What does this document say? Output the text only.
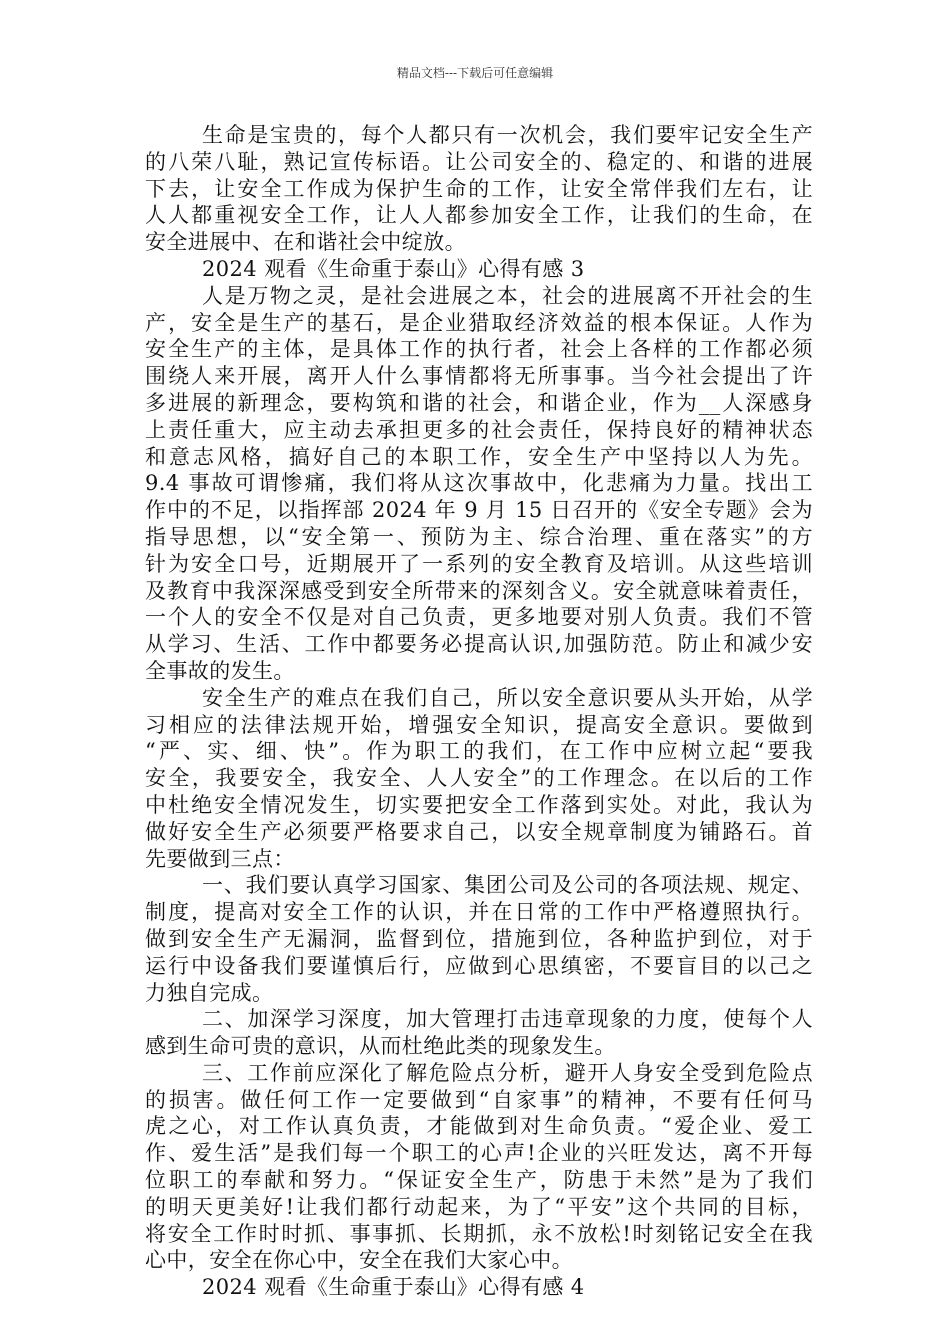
精品文档---下载后可任意编辑
生命是宝贵的，每个人都只有一次机会，我们要牢记安全生产
的八荣八耻，熟记宣传标语。让公司安全的、稳定的、和谐的进展
下去，让安全工作成为保护生命的工作，让安全常伴我们左右，让
人人都重视安全工作，让人人都参加安全工作，让我们的生命，在
安全进展中、在和谐社会中绽放。
2024 观看《生命重于泰山》心得有感 3
人是万物之灵，是社会进展之本，社会的进展离不开社会的生
产，安全是生产的基石，是企业猎取经济效益的根本保证。人作为
安全生产的主体，是具体工作的执行者，社会上各样的工作都必须
围绕人来开展，离开人什么事情都将无所事事。当今社会提出了许
多进展的新理念，要构筑和谐的社会，和谐企业，作为__人深感身
上责任重大，应主动去承担更多的社会责任，保持良好的精神状态
和意志风格，搞好自己的本职工作，安全生产中坚持以人为先。
9.4 事故可谓惨痛，我们将从这次事故中，化悲痛为力量。找出工
作中的不足，以指挥部 2024 年 9 月 15 日召开的《安全专题》会为
指导思想，以“安全第一、预防为主、综合治理、重在落实”的方
针为安全口号，近期展开了一系列的安全教育及培训。从这些培训
及教育中我深深感受到安全所带来的深刻含义。安全就意味着责任，
一个人的安全不仅是对自己负责，更多地要对别人负责。我们不管
从学习、生活、工作中都要务必提高认识,加强防范。防止和减少安
全事故的发生。
安全生产的难点在我们自己，所以安全意识要从头开始，从学
习相应的法律法规开始，增强安全知识，提高安全意识。要做到
“严、实、细、快”。作为职工的我们，在工作中应树立起“要我
安全，我要安全，我安全、人人安全”的工作理念。在以后的工作
中杜绝安全情况发生，切实要把安全工作落到实处。对此，我认为
做好安全生产必须要严格要求自己，以安全规章制度为铺路石。首
先要做到三点：
一、我们要认真学习国家、集团公司及公司的各项法规、规定、
制度，提高对安全工作的认识，并在日常的工作中严格遵照执行。
做到安全生产无漏洞，监督到位，措施到位，各种监护到位，对于
运行中设备我们要谨慎后行，应做到心思缜密，不要盲目的以己之
力独自完成。
二、加深学习深度，加大管理打击违章现象的力度，使每个人
感到生命可贵的意识，从而杜绝此类的现象发生。
三、工作前应深化了解危险点分析，避开人身安全受到危险点
的损害。做任何工作一定要做到“自家事”的精神，不要有任何马
虎之心，对工作认真负责，才能做到对生命负责。“爱企业、爱工
作、爱生活”是我们每一个职工的心声!企业的兴旺发达，离不开每
位职工的奉献和努力。“保证安全生产，防患于未然”是为了我们
的明天更美好!让我们都行动起来，为了“平安”这个共同的目标，
将安全工作时时抓、事事抓、长期抓，永不放松!时刻铭记安全在我
心中，安全在你心中，安全在我们大家心中。
2024 观看《生命重于泰山》心得有感 4
